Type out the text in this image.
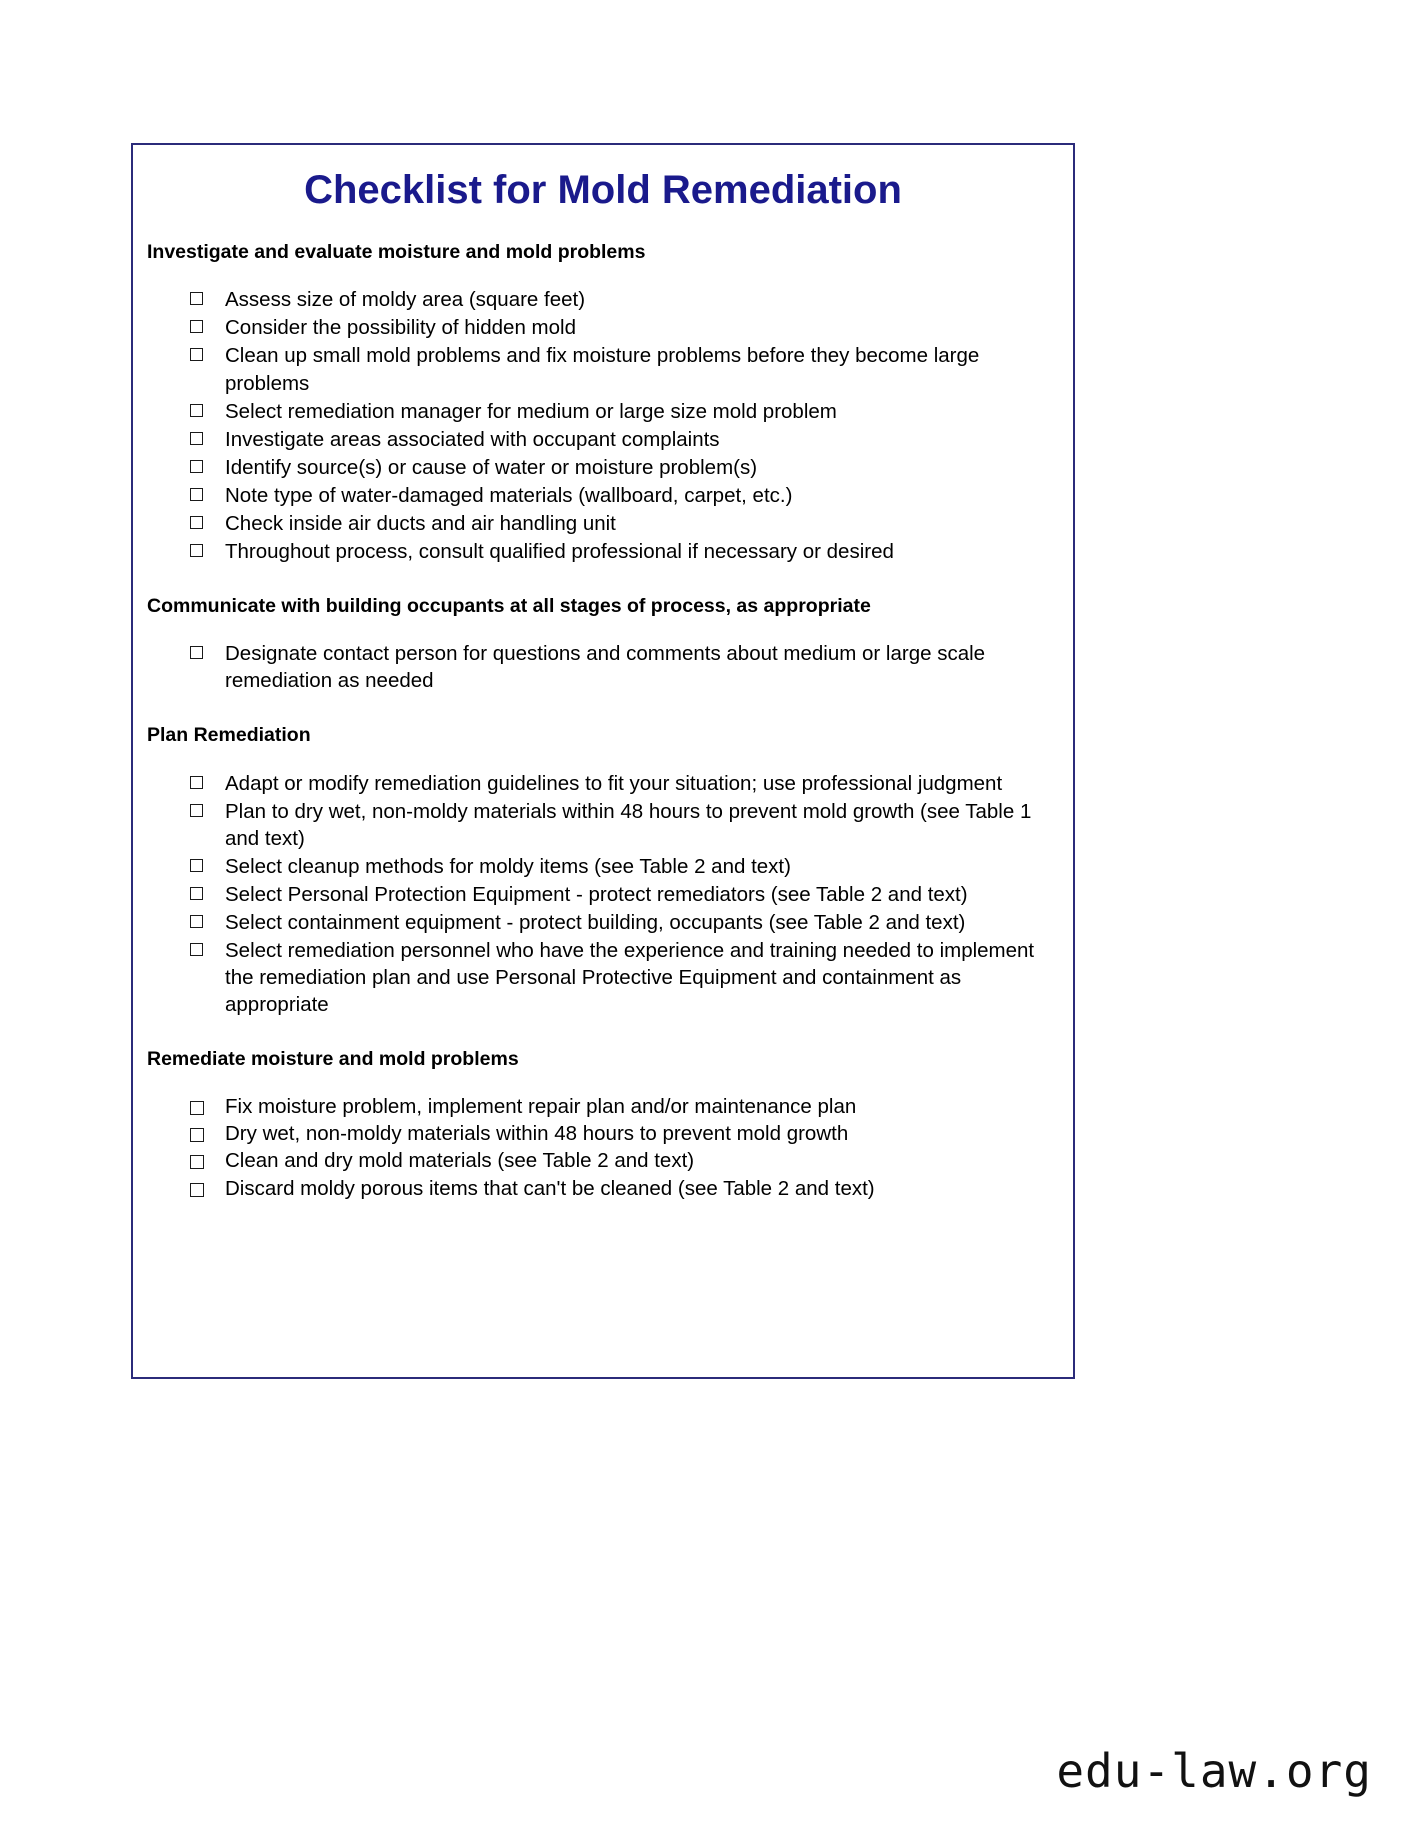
Checklist for Mold Remediation
Investigate and evaluate moisture and mold problems
Assess size of moldy area (square feet)
Consider the possibility of hidden mold
Clean up small mold problems and fix moisture problems before they become large problems
Select remediation manager for medium or large size mold problem
Investigate areas associated with occupant complaints
Identify source(s) or cause of water or moisture problem(s)
Note type of water-damaged materials (wallboard, carpet, etc.)
Check inside air ducts and air handling unit
Throughout process, consult qualified professional if necessary or desired
Communicate with building occupants at all stages of process, as appropriate
Designate contact person for questions and comments about medium or large scale remediation as needed
Plan Remediation
Adapt or modify remediation guidelines to fit your situation; use professional judgment
Plan to dry wet, non-moldy materials within 48 hours to prevent mold growth (see Table 1 and text)
Select cleanup methods for moldy items (see Table 2 and text)
Select Personal Protection Equipment - protect remediators (see Table 2 and text)
Select containment equipment - protect building, occupants (see Table 2 and text)
Select remediation personnel who have the experience and training needed to implement the remediation plan and use Personal Protective Equipment and containment as appropriate
Remediate moisture and mold problems
Fix moisture problem, implement repair plan and/or maintenance plan
Dry wet, non-moldy materials within 48 hours to prevent mold growth
Clean and dry mold materials (see Table 2 and text)
Discard moldy porous items that can't be cleaned (see Table 2 and text)
edu-law.org
